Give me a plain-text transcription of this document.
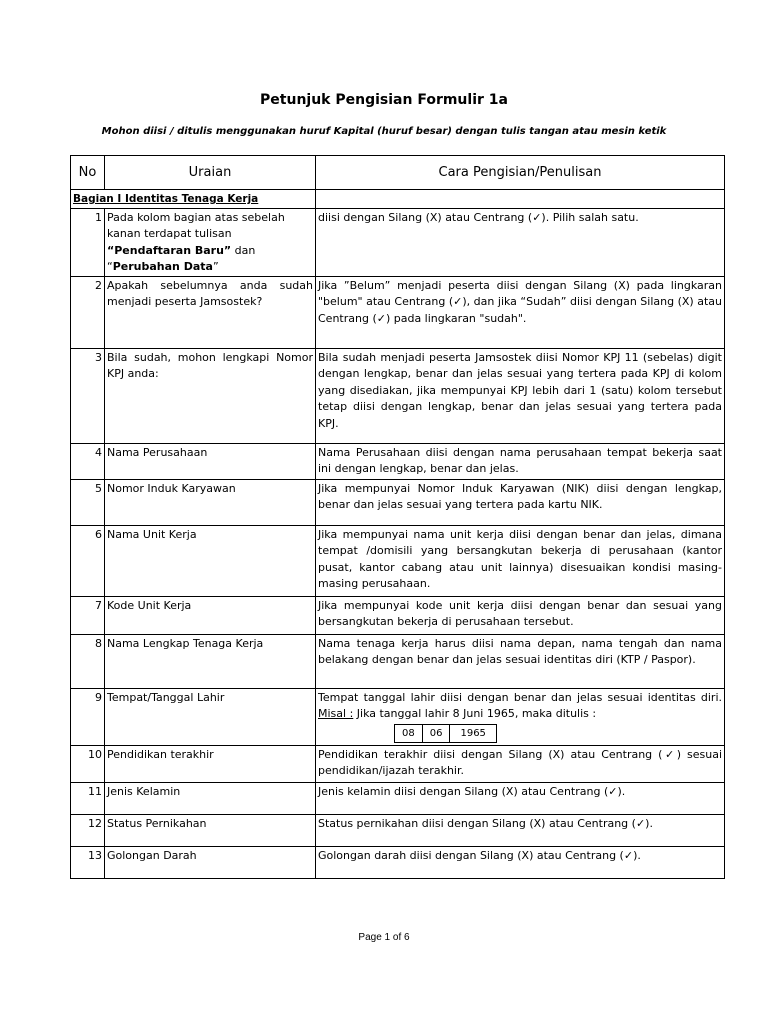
Petunjuk Pengisian Formulir 1a
Mohon diisi / ditulis menggunakan huruf Kapital (huruf besar) dengan tulis tangan atau mesin ketik
No	Uraian	Cara Pengisian/Penulisan
Bagian I Identitas Tenaga Kerja		
1	Pada kolom bagian atas sebelah kanan terdapat tulisan “Pendaftaran Baru” dan “Perubahan Data”	diisi dengan Silang (X) atau Centrang (✓). Pilih salah satu.
2	Apakah sebelumnya anda sudah menjadi peserta Jamsostek?	Jika ”Belum” menjadi peserta diisi dengan Silang (X) pada lingkaran "belum" atau Centrang (✓), dan jika “Sudah” diisi dengan Silang (X) atau Centrang (✓) pada lingkaran "sudah".
3	Bila sudah, mohon lengkapi Nomor KPJ anda:	Bila sudah menjadi peserta Jamsostek diisi Nomor KPJ 11 (sebelas) digit dengan lengkap, benar dan jelas sesuai yang tertera pada KPJ di kolom yang disediakan, jika mempunyai KPJ lebih dari 1 (satu) kolom tersebut tetap diisi dengan lengkap, benar dan jelas sesuai yang tertera pada KPJ.
4	Nama Perusahaan	Nama Perusahaan diisi dengan nama perusahaan tempat bekerja saat ini dengan lengkap, benar dan jelas.
5	Nomor Induk Karyawan	Jika mempunyai Nomor Induk Karyawan (NIK) diisi dengan lengkap, benar dan jelas sesuai yang tertera pada kartu NIK.
6	Nama Unit Kerja	Jika mempunyai nama unit kerja diisi dengan benar dan jelas, dimana tempat /domisili yang bersangkutan bekerja di perusahaan (kantor pusat, kantor cabang atau unit lainnya) disesuaikan kondisi masing-masing perusahaan.
7	Kode Unit Kerja	Jika mempunyai kode unit kerja diisi dengan benar dan sesuai yang bersangkutan bekerja di perusahaan tersebut.
8	Nama Lengkap Tenaga Kerja	Nama tenaga kerja harus diisi nama depan, nama tengah dan nama belakang dengan benar dan jelas sesuai identitas diri (KTP / Paspor).
9	Tempat/Tanggal Lahir	Tempat tanggal lahir diisi dengan benar dan jelas sesuai identitas diri. Misal : Jika tanggal lahir 8 Juni 1965, maka ditulis :
08 06 1965

10	Pendidikan terakhir	Pendidikan terakhir diisi dengan Silang (X) atau Centrang (✓) sesuai pendidikan/ijazah terakhir.
11	Jenis Kelamin	Jenis kelamin diisi dengan Silang (X) atau Centrang (✓).
12	Status Pernikahan	Status pernikahan diisi dengan Silang (X) atau Centrang (✓).
13	Golongan Darah	Golongan darah diisi dengan Silang (X) atau Centrang (✓).
Page 1 of 6
